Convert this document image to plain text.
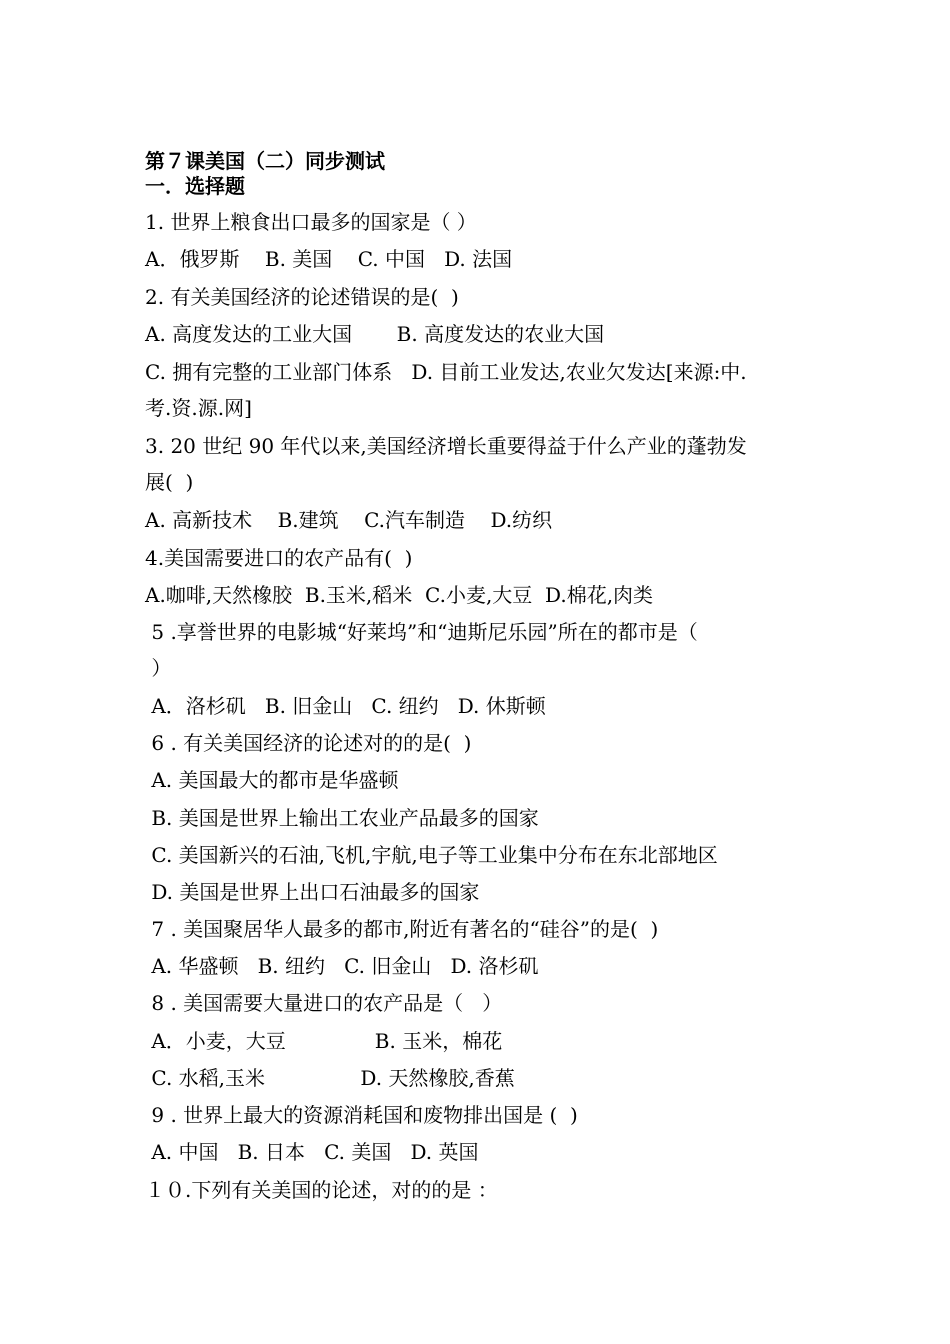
第７课美国（二）同步测试
一．选择题
1. 世界上粮食出口最多的国家是（ ）
A．俄罗斯    B. 美国    C. 中国   D. 法国
2. 有关美国经济的论述错误的是(  )
A. 高度发达的工业大国       B. 高度发达的农业大国
C. 拥有完整的工业部门体系   D. 目前工业发达,农业欠发达[来源:中.
考.资.源.网]
3. 20 世纪 90 年代以来,美国经济增长重要得益于什么产业的蓬勃发
展(  )
A. 高新技术    B.建筑    C.汽车制造    D.纺织
4.美国需要进口的农产品有(  )
A.咖啡,天然橡胶  B.玉米,稻米  C.小麦,大豆  D.棉花,肉类
5 .享誉世界的电影城“好莱坞”和“迪斯尼乐园”所在的都市是（
）
A．洛杉矶   B. 旧金山   C. 纽约   D. 休斯顿
6 . 有关美国经济的论述对的的是(  )
A. 美国最大的都市是华盛顿
B. 美国是世界上输出工农业产品最多的国家
C. 美国新兴的石油,飞机,宇航,电子等工业集中分布在东北部地区
D. 美国是世界上出口石油最多的国家
7 . 美国聚居华人最多的都市,附近有著名的“硅谷”的是(  )
A. 华盛顿   B. 纽约   C. 旧金山   D. 洛杉矶
8 . 美国需要大量进口的农产品是（   ）
A．小麦，大豆              B. 玉米，棉花
C. 水稻,玉米               D. 天然橡胶,香蕉
9 . 世界上最大的资源消耗国和废物排出国是 (  )
A. 中国   B. 日本   C. 美国   D. 英国
１０.下列有关美国的论述，对的的是 ：
